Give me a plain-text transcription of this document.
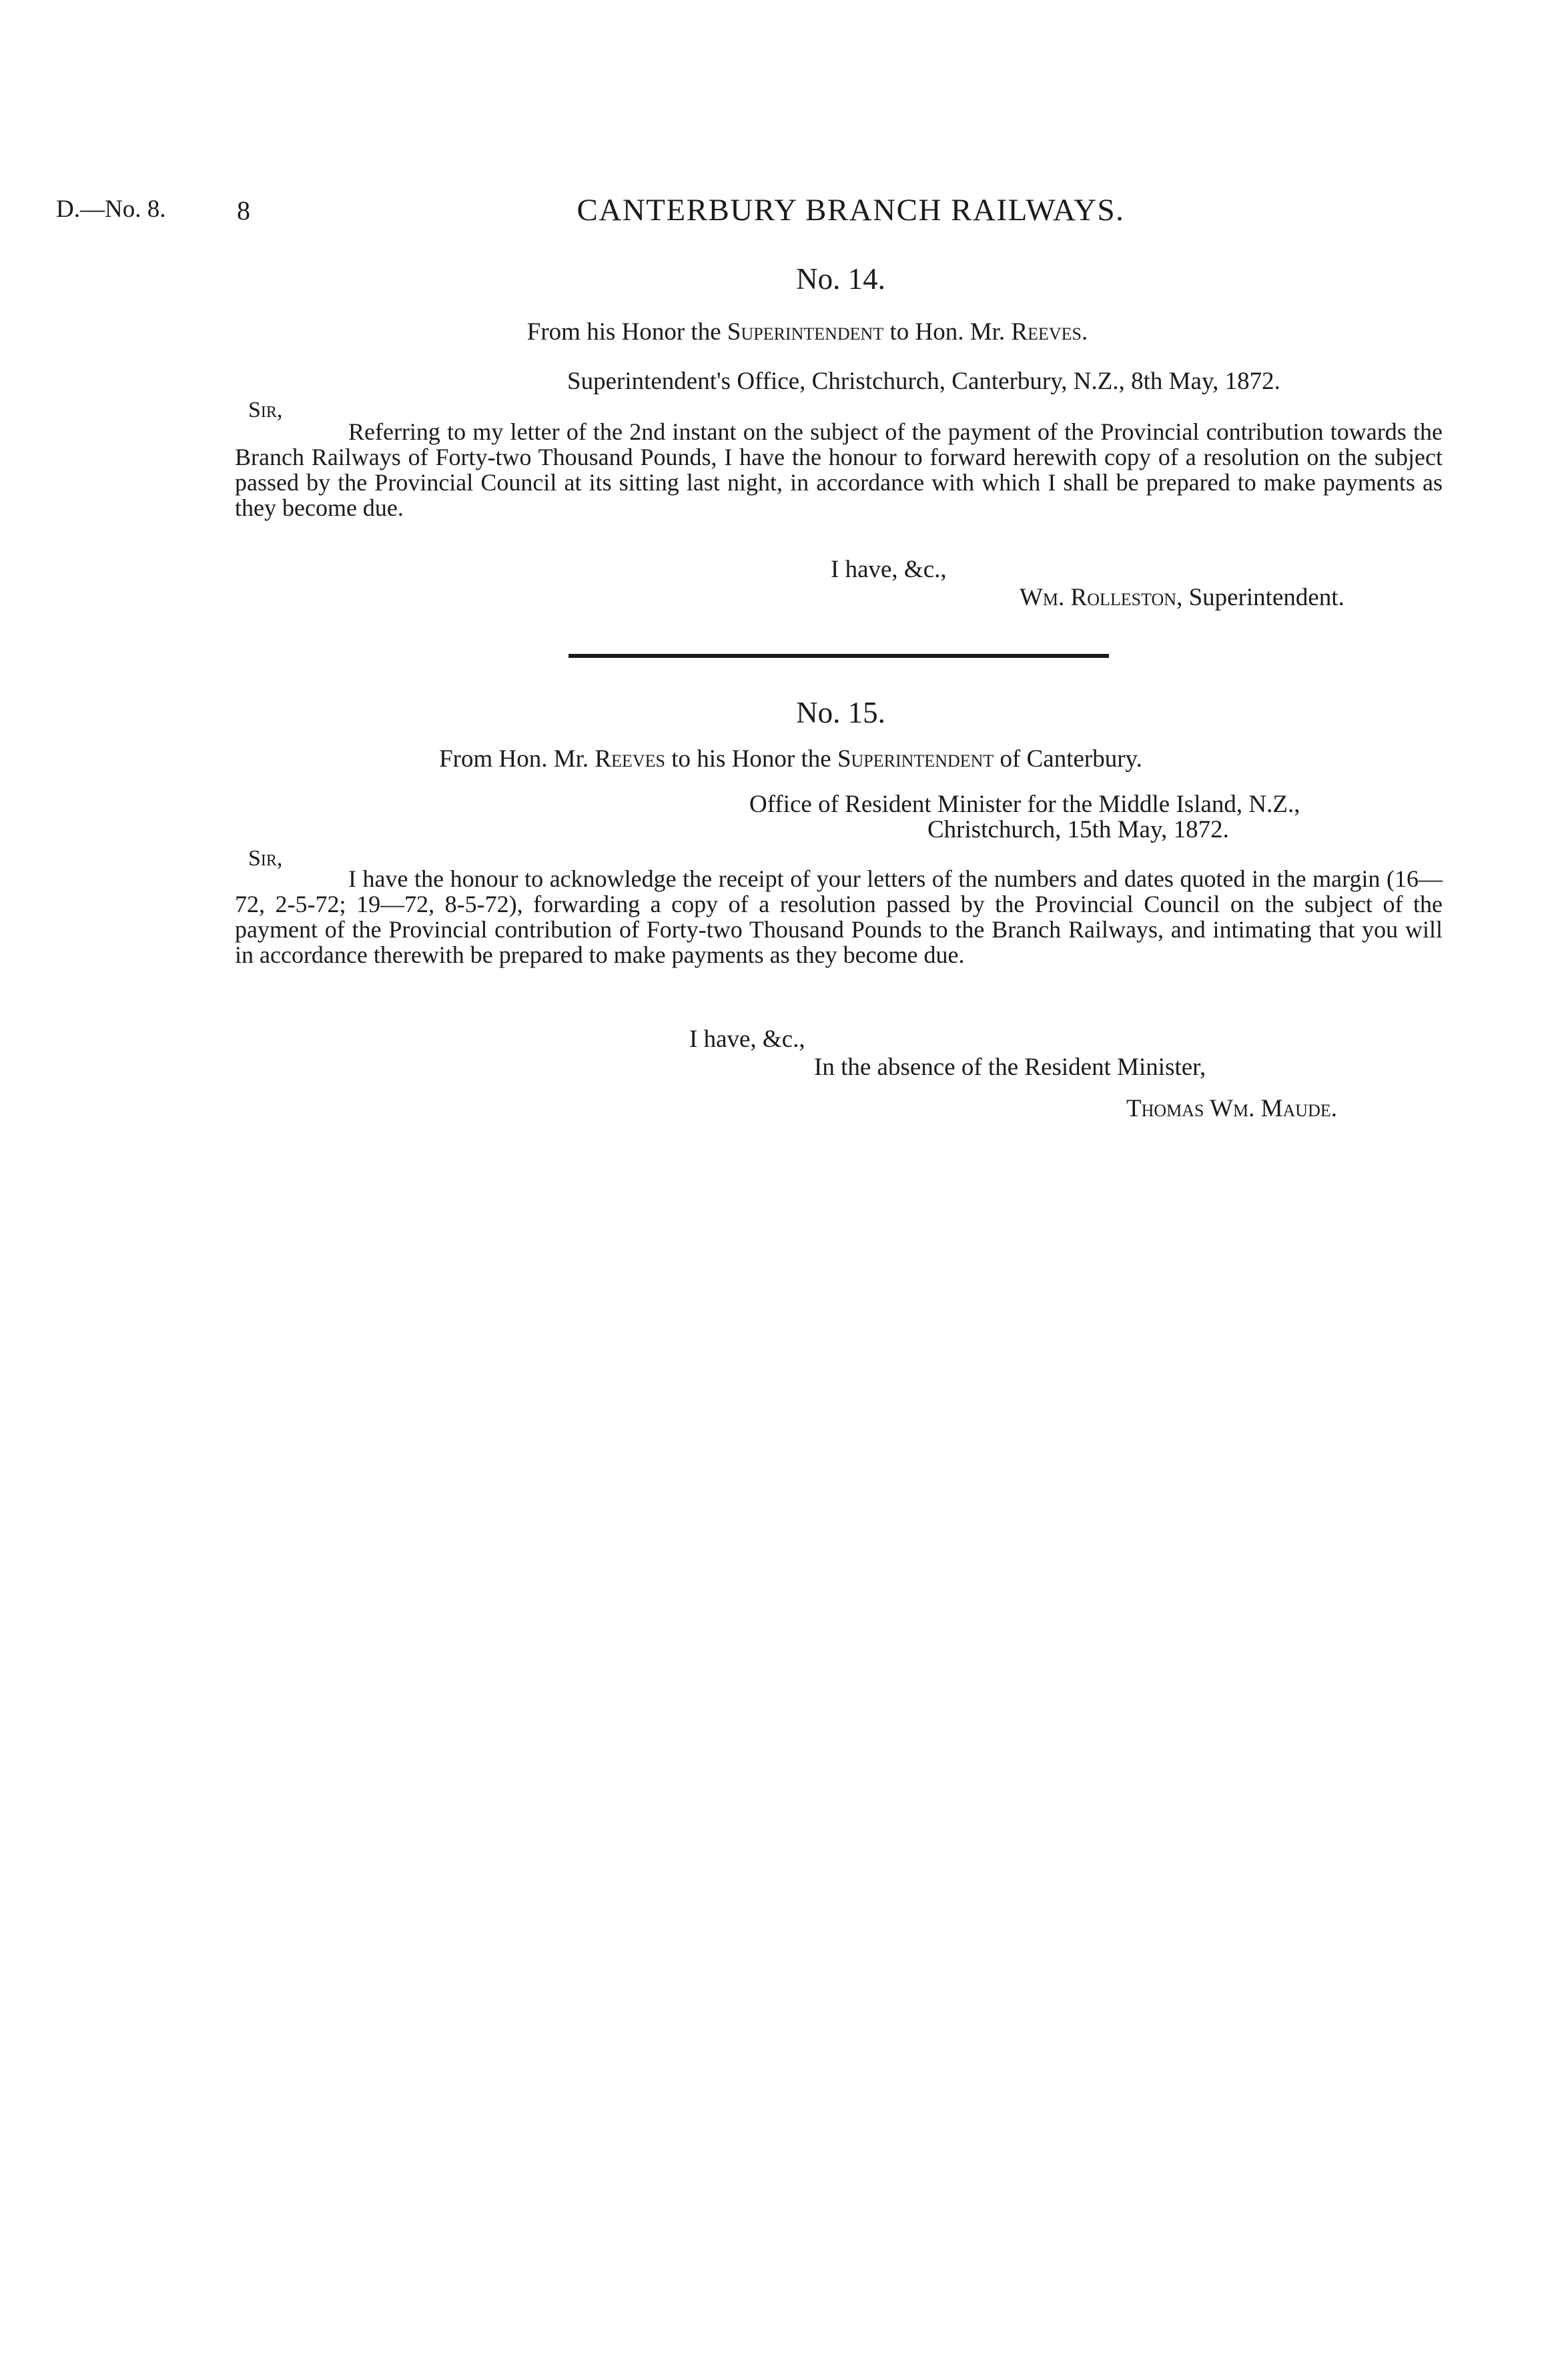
D.—No. 8.	8	CANTERBURY BRANCH RAILWAYS.
No. 14.
From his Honor the Superintendent to Hon. Mr. Reeves.
Superintendent's Office, Christchurch, Canterbury, N.Z., 8th May, 1872.
Sir,
Referring to my letter of the 2nd instant on the subject of the payment of the Provincial contribution towards the Branch Railways of Forty-two Thousand Pounds, I have the honour to forward herewith copy of a resolution on the subject passed by the Provincial Council at its sitting last night, in accordance with which I shall be prepared to make payments as they become due.
I have, &c.,
Wm. Rolleston, Superintendent.
No. 15.
From Hon. Mr. Reeves to his Honor the Superintendent of Canterbury.
Office of Resident Minister for the Middle Island, N.Z.,
Christchurch, 15th May, 1872.
Sir,
I have the honour to acknowledge the receipt of your letters of the numbers and dates quoted in the margin (16—72, 2-5-72; 19—72, 8-5-72), forwarding a copy of a resolution passed by the Provincial Council on the subject of the payment of the Provincial contribution of Forty-two Thousand Pounds to the Branch Railways, and intimating that you will in accordance therewith be prepared to make payments as they become due.
I have, &c.,
In the absence of the Resident Minister,
Thomas Wm. Maude.
